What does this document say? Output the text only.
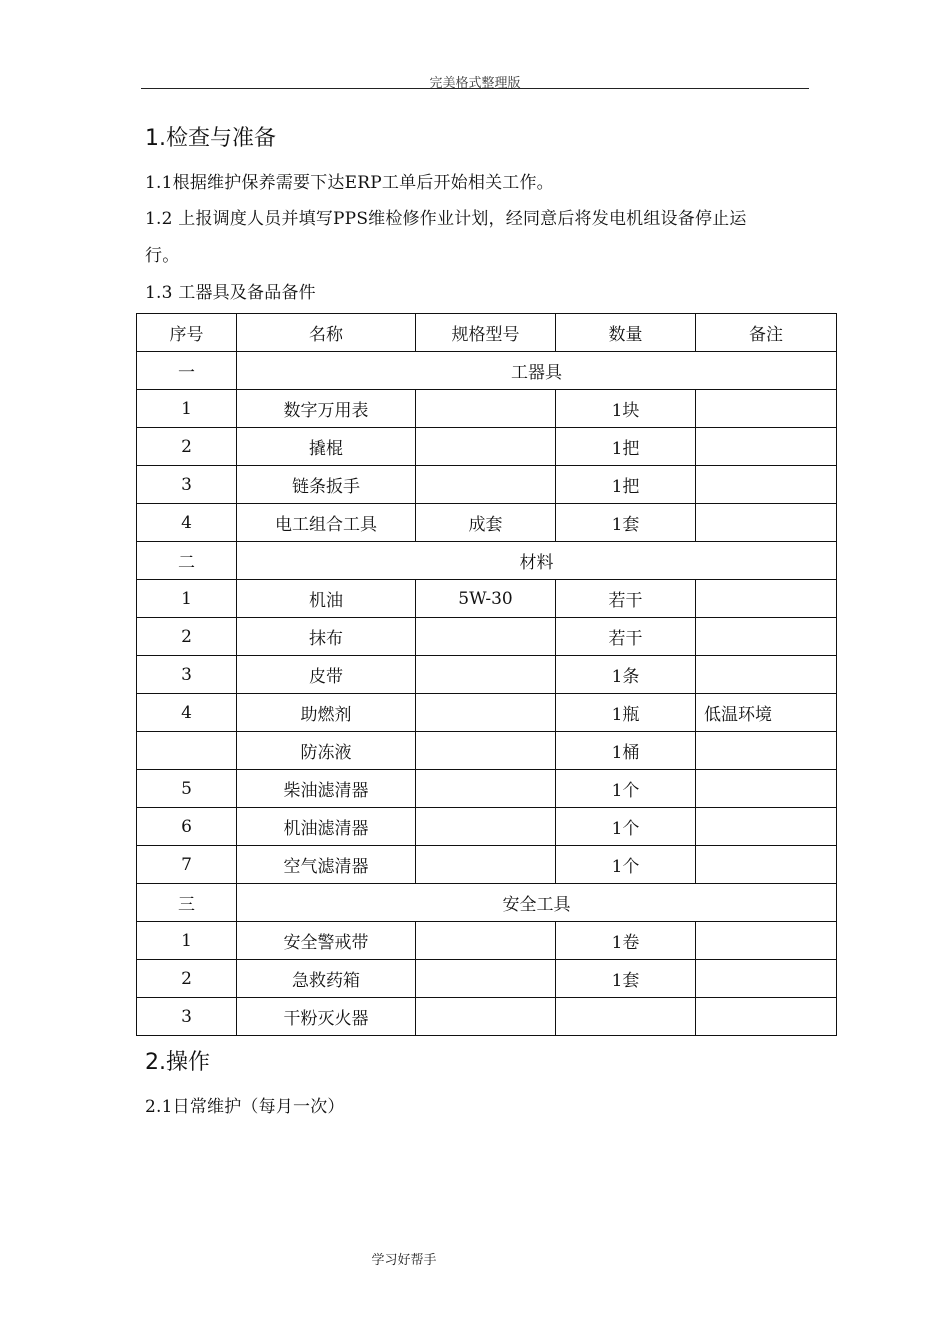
完美格式整理版
1.检查与准备
1.1根据维护保养需要下达ERP工单后开始相关工作。
1.2 上报调度人员并填写PPS维检修作业计划，经同意后将发电机组设备停止运
行。
1.3 工器具及备品备件
序号	名称	规格型号	数量	备注
一	工器具			
1	数字万用表		1块	
2	撬棍		1把	
3	链条扳手		1把	
4	电工组合工具	成套	1套	
二	材料			
1	机油	5W-30	若干	
2	抹布		若干	
3	皮带		1条	
4	助燃剂		1瓶	低温环境
	防冻液		1桶	
5	柴油滤清器		1个	
6	机油滤清器		1个	
7	空气滤清器		1个	
三	安全工具			
1	安全警戒带		1卷	
2	急救药箱		1套	
3	干粉灭火器			
2.操作
2.1日常维护（每月一次）
学习好帮手
